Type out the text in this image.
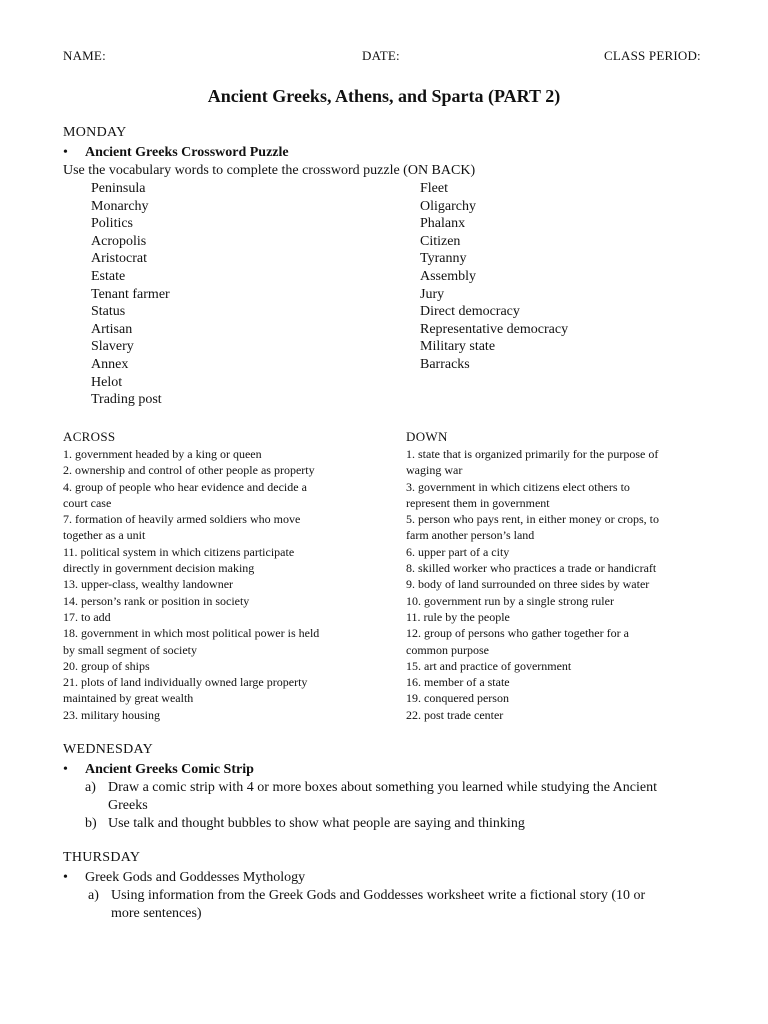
NAME:	DATE:	CLASS PERIOD:
Ancient Greeks, Athens, and Sparta (PART 2)
MONDAY
•	Ancient Greeks Crossword Puzzle
Use the vocabulary words to complete the crossword puzzle (ON BACK)
Peninsula
Monarchy
Politics
Acropolis
Aristocrat
Estate
Tenant farmer
Status
Artisan
Slavery
Annex
Helot
Trading post
Fleet
Oligarchy
Phalanx
Citizen
Tyranny
Assembly
Jury
Direct democracy
Representative democracy
Military state
Barracks
ACROSS	DOWN
1. government headed by a king or queen
2. ownership and control of other people as property
4. group of people who hear evidence and decide a
court case
7. formation of heavily armed soldiers who move
together as a unit
11. political system in which citizens participate
directly in government decision making
13. upper-class, wealthy landowner
14. person’s rank or position in society
17. to add
18. government in which most political power is held
by small segment of society
20. group of ships
21. plots of land individually owned large property
maintained by great wealth
23. military housing
1. state that is organized primarily for the purpose of
waging war
3. government in which citizens elect others to
represent them in government
5. person who pays rent, in either money or crops, to
farm another person’s land
6. upper part of a city
8. skilled worker who practices a trade or handicraft
9. body of land surrounded on three sides by water
10. government run by a single strong ruler
11. rule by the people
12. group of persons who gather together for a
common purpose
15. art and practice of government
16. member of a state
19. conquered person
22. post trade center
WEDNESDAY
•	Ancient Greeks Comic Strip
a) Draw a comic strip with 4 or more boxes about something you learned while studying the Ancient
Greeks
b) Use talk and thought bubbles to show what people are saying and thinking
THURSDAY
•	Greek Gods and Goddesses Mythology
a) Using information from the Greek Gods and Goddesses worksheet write a fictional story (10 or
more sentences)
